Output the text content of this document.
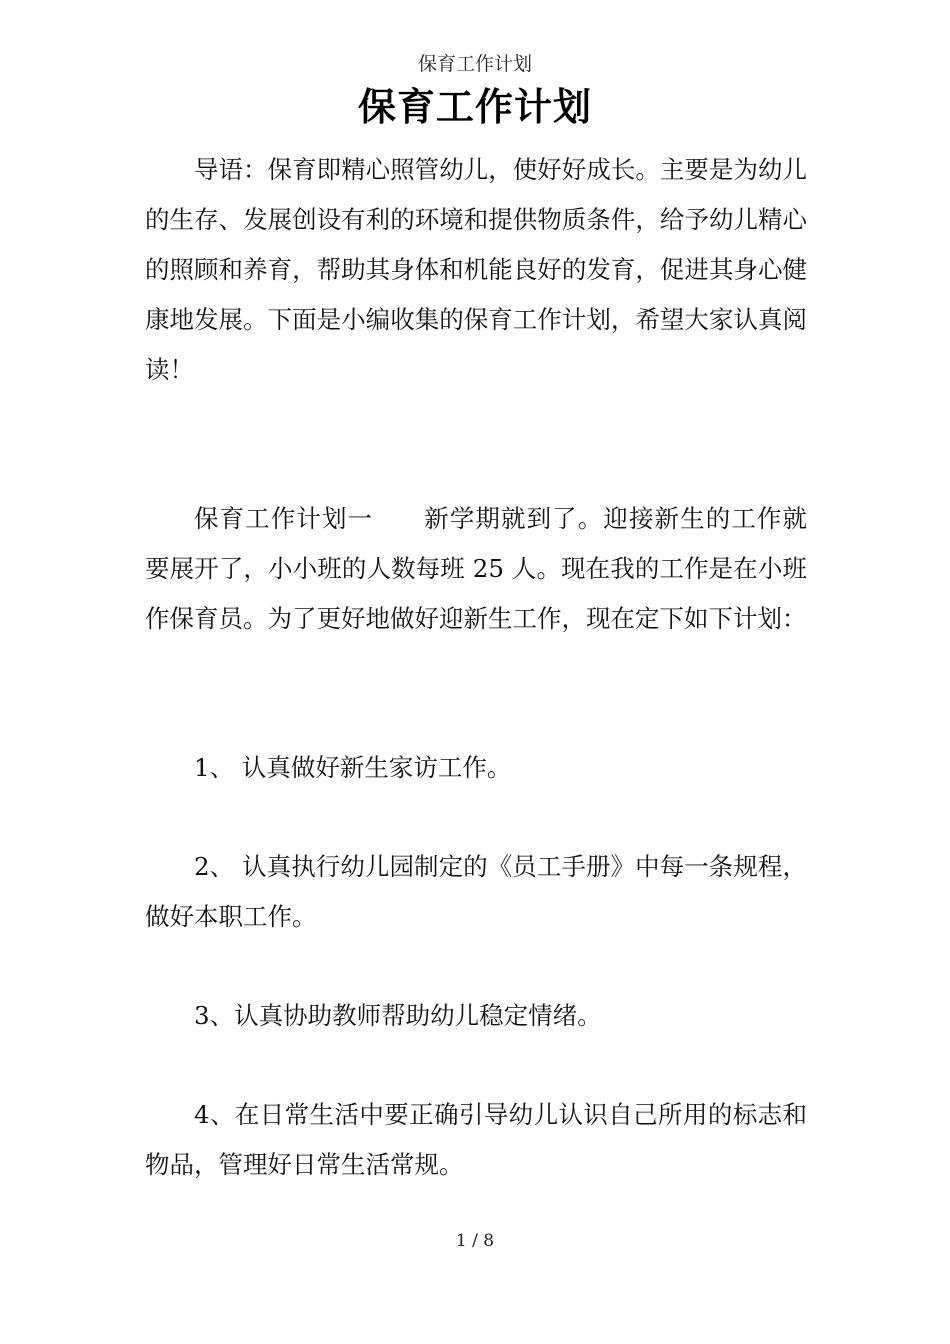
保育工作计划
保育工作计划

导语：保育即精心照管幼儿，使好好成长。主要是为幼儿的生存、发展创设有利的环境和提供物质条件，给予幼儿精心的照顾和养育，帮助其身体和机能良好的发育，促进其身心健康地发展。下面是小编收集的保育工作计划，希望大家认真阅读！

保育工作计划一 新学期就到了。迎接新生的工作就要展开了，小小班的人数每班 25 人。现在我的工作是在小班作保育员。为了更好地做好迎新生工作，现在定下如下计划：

1、 认真做好新生家访工作。

2、 认真执行幼儿园制定的《员工手册》中每一条规程，做好本职工作。

3、认真协助教师帮助幼儿稳定情绪。

4、在日常生活中要正确引导幼儿认识自己所用的标志和物品，管理好日常生活常规。

1 / 8
